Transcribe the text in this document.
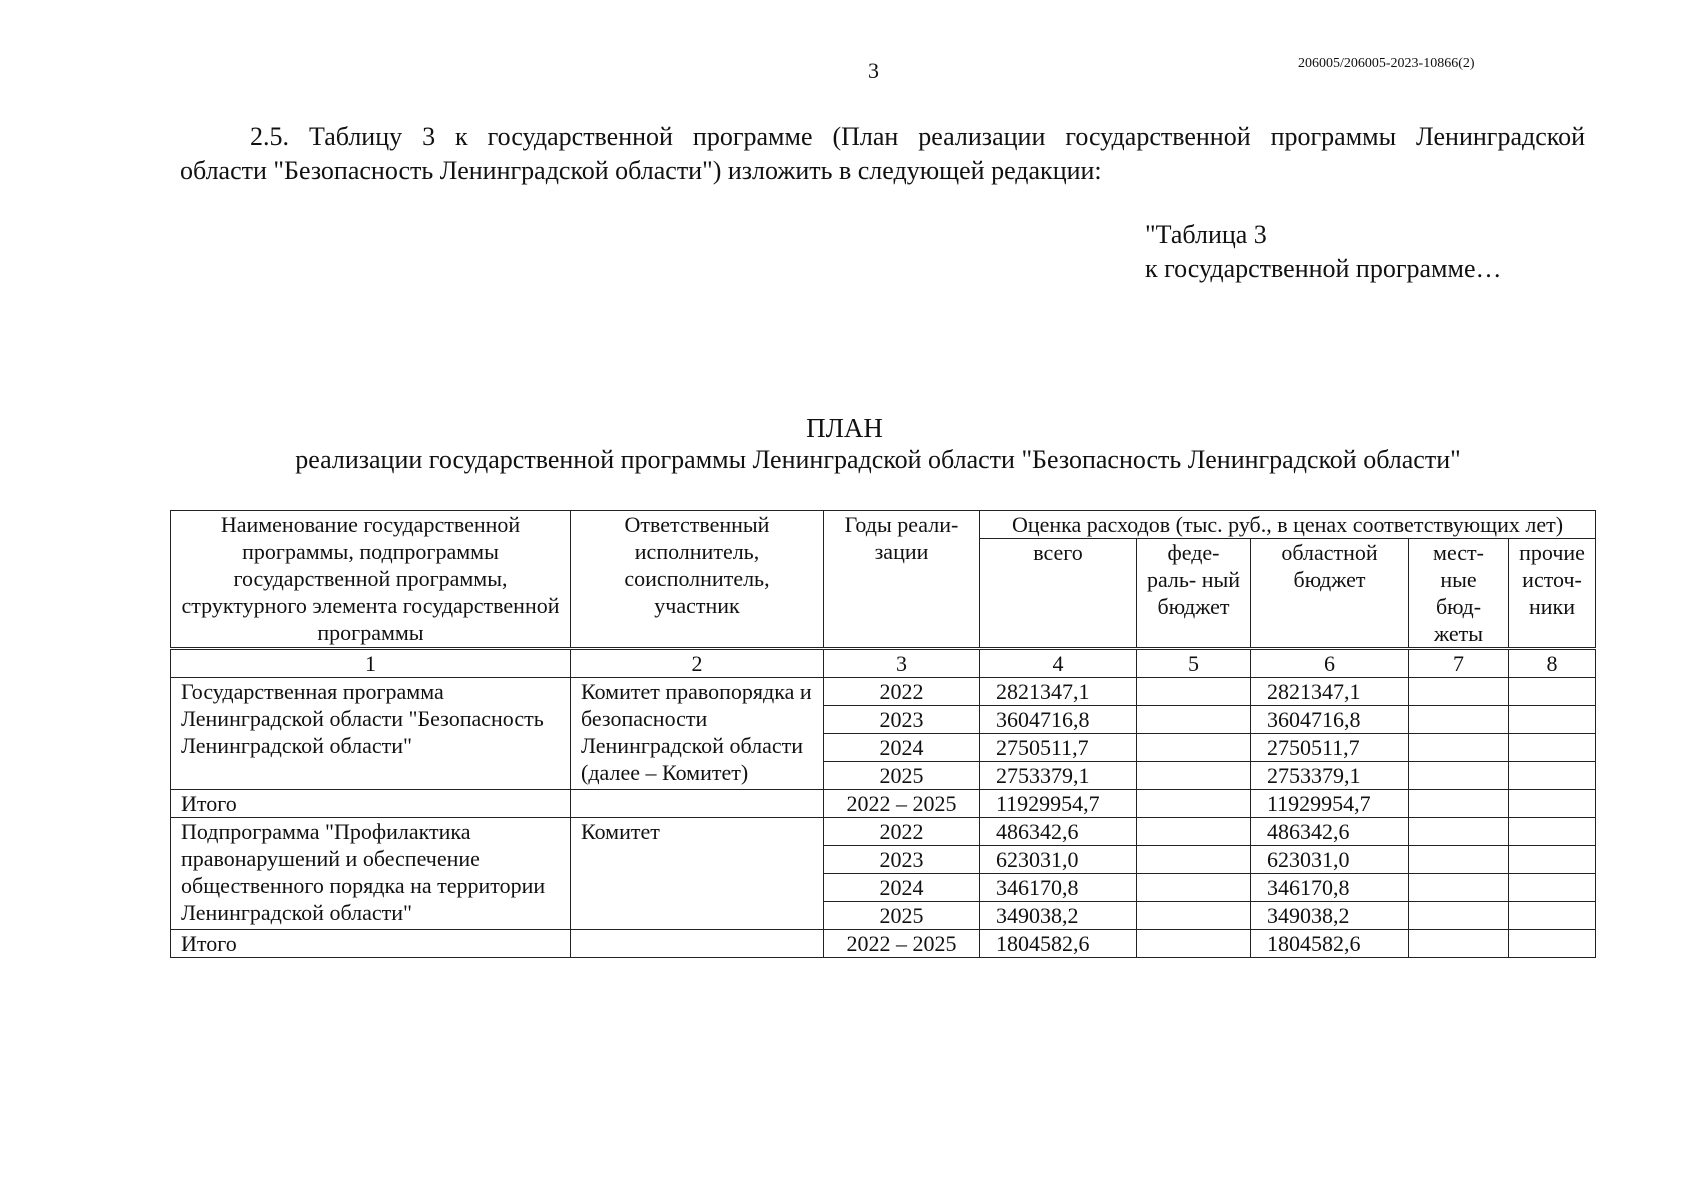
3	206005/206005-2023-10866(2)
2.5. Таблицу 3 к государственной программе (План реализации государственной программы Ленинградской
области "Безопасность Ленинградской области") изложить в следующей редакции:
"Таблица 3
к государственной программе…
ПЛАН
реализации государственной программы Ленинградской области "Безопасность Ленинградской области"
Наименование государственной программы, подпрограммы государственной программы, структурного элемента государственной программы	Ответственный исполнитель, соисполнитель, участник	Годы реали- зации	Оценка расходов (тыс. руб., в ценах соответствующих лет)				
			всего	феде- раль- ный бюджет	областной бюджет	мест- ные бюд- жеты	прочие источ- ники
1	2	3	4	5	6	7	8
Государственная программа Ленинградской области "Безопасность Ленинградской области"	Комитет правопорядка и безопасности Ленинградской области (далее – Комитет)	2022	2821347,1		2821347,1		
		2023	3604716,8		3604716,8		
		2024	2750511,7		2750511,7		
		2025	2753379,1		2753379,1		
Итого		2022 – 2025	11929954,7		11929954,7		
Подпрограмма "Профилактика правонарушений и обеспечение общественного порядка на территории Ленинградской области"	Комитет	2022	486342,6		486342,6		
		2023	623031,0		623031,0		
		2024	346170,8		346170,8		
		2025	349038,2		349038,2		
Итого		2022 – 2025	1804582,6		1804582,6		
